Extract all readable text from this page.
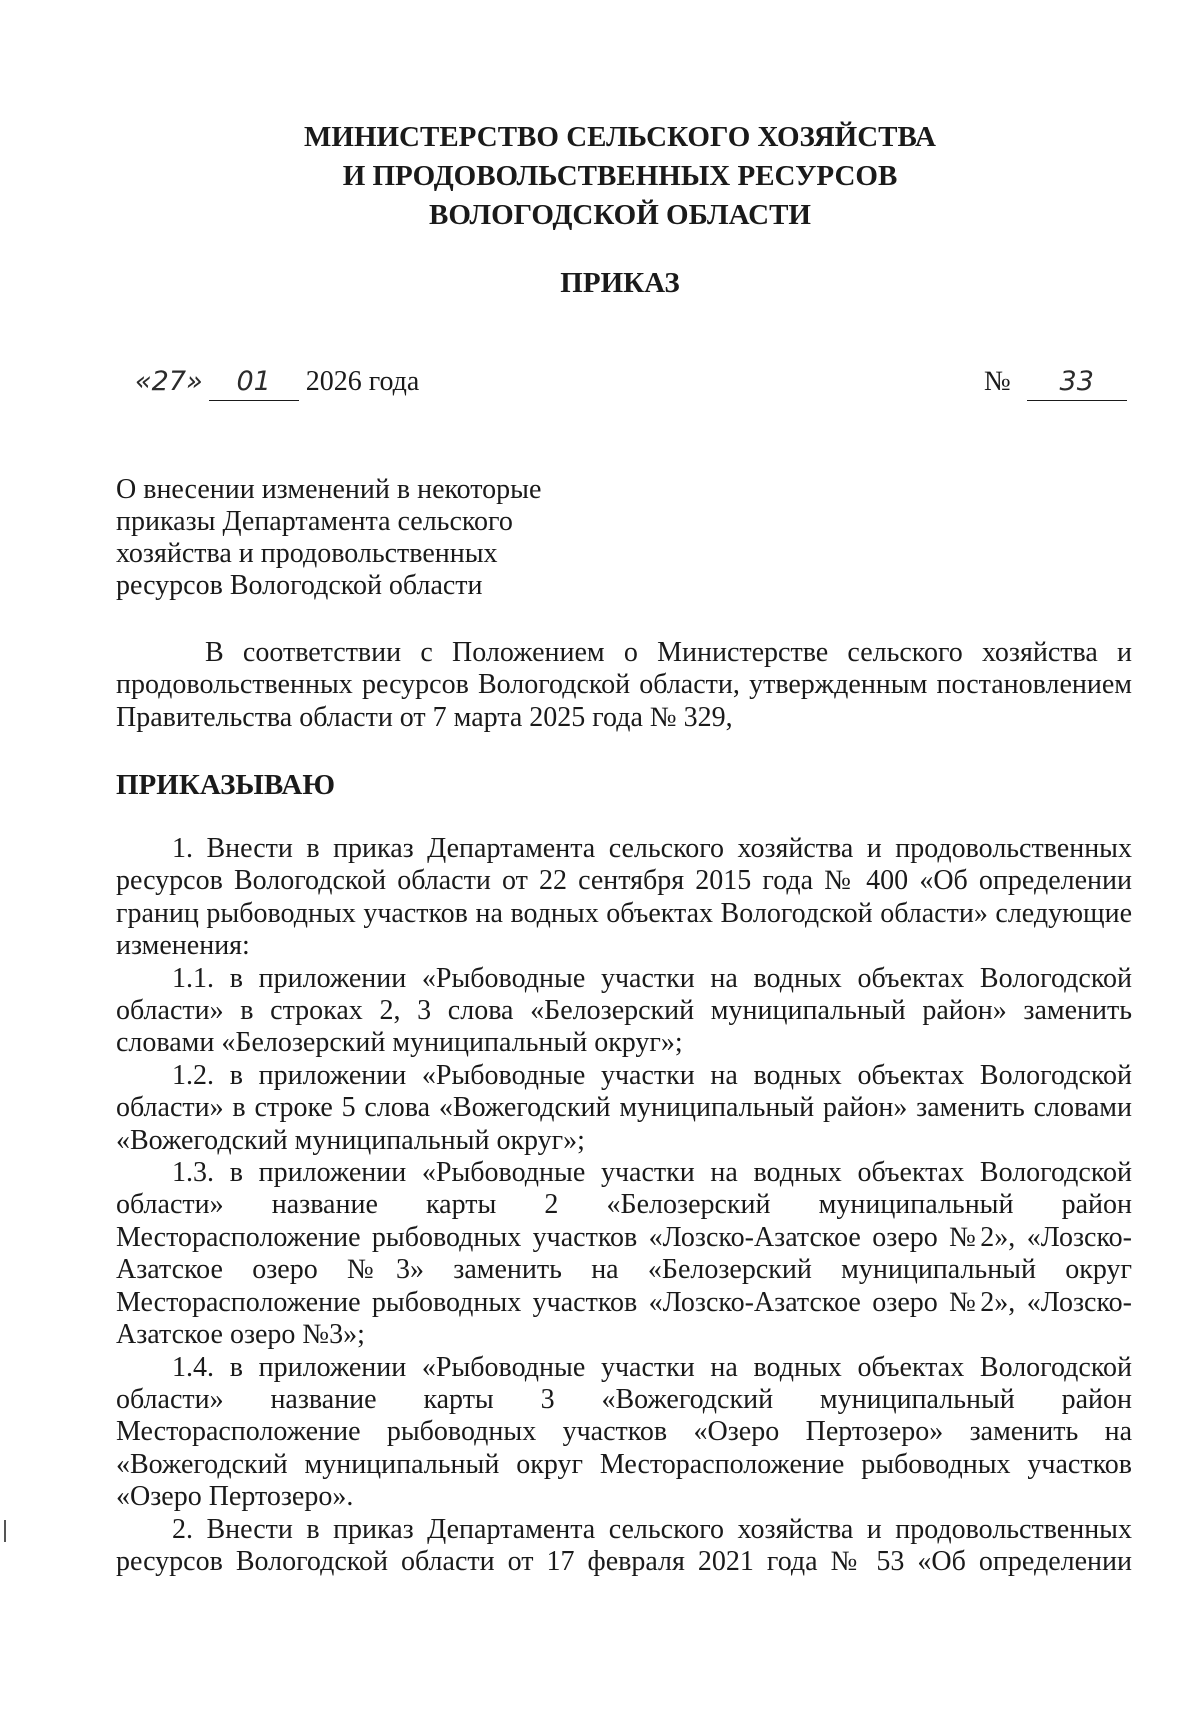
МИНИСТЕРСТВО СЕЛЬСКОГО ХОЗЯЙСТВА
И ПРОДОВОЛЬСТВЕННЫХ РЕСУРСОВ
ВОЛОГОДСКОЙ ОБЛАСТИ
ПРИКАЗ
«27» 01 2026 года	№ 33
О внесении изменений в некоторые
приказы Департамента сельского
хозяйства и продовольственных
ресурсов Вологодской области
В соответствии с Положением о Министерстве сельского хозяйства и продовольственных ресурсов Вологодской области, утвержденным постановлением Правительства области от 7 марта 2025 года № 329,
ПРИКАЗЫВАЮ

1. Внести в приказ Департамента сельского хозяйства и продовольственных ресурсов Вологодской области от 22 сентября 2015 года № 400 «Об определении границ рыбоводных участков на водных объектах Вологодской области» следующие изменения:

1.1. в приложении «Рыбоводные участки на водных объектах Вологодской области» в строках 2, 3 слова «Белозерский муниципальный район» заменить словами «Белозерский муниципальный округ»;

1.2. в приложении «Рыбоводные участки на водных объектах Вологодской области» в строке 5 слова «Вожегодский муниципальный район» заменить словами «Вожегодский муниципальный округ»;

1.3. в приложении «Рыбоводные участки на водных объектах Вологодской области» название карты 2 «Белозерский муниципальный район Месторасположение рыбоводных участков «Лозско-Азатское озеро №2», «Лозско-Азатское озеро №3» заменить на «Белозерский муниципальный округ Месторасположение рыбоводных участков «Лозско-Азатское озеро №2», «Лозско-Азатское озеро №3»;

1.4. в приложении «Рыбоводные участки на водных объектах Вологодской области» название карты 3 «Вожегодский муниципальный район Месторасположение рыбоводных участков «Озеро Пертозеро» заменить на «Вожегодский муниципальный округ Месторасположение рыбоводных участков «Озеро Пертозеро».

2. Внести в приказ Департамента сельского хозяйства и продовольственных ресурсов Вологодской области от 17 февраля 2021 года № 53 «Об определении
